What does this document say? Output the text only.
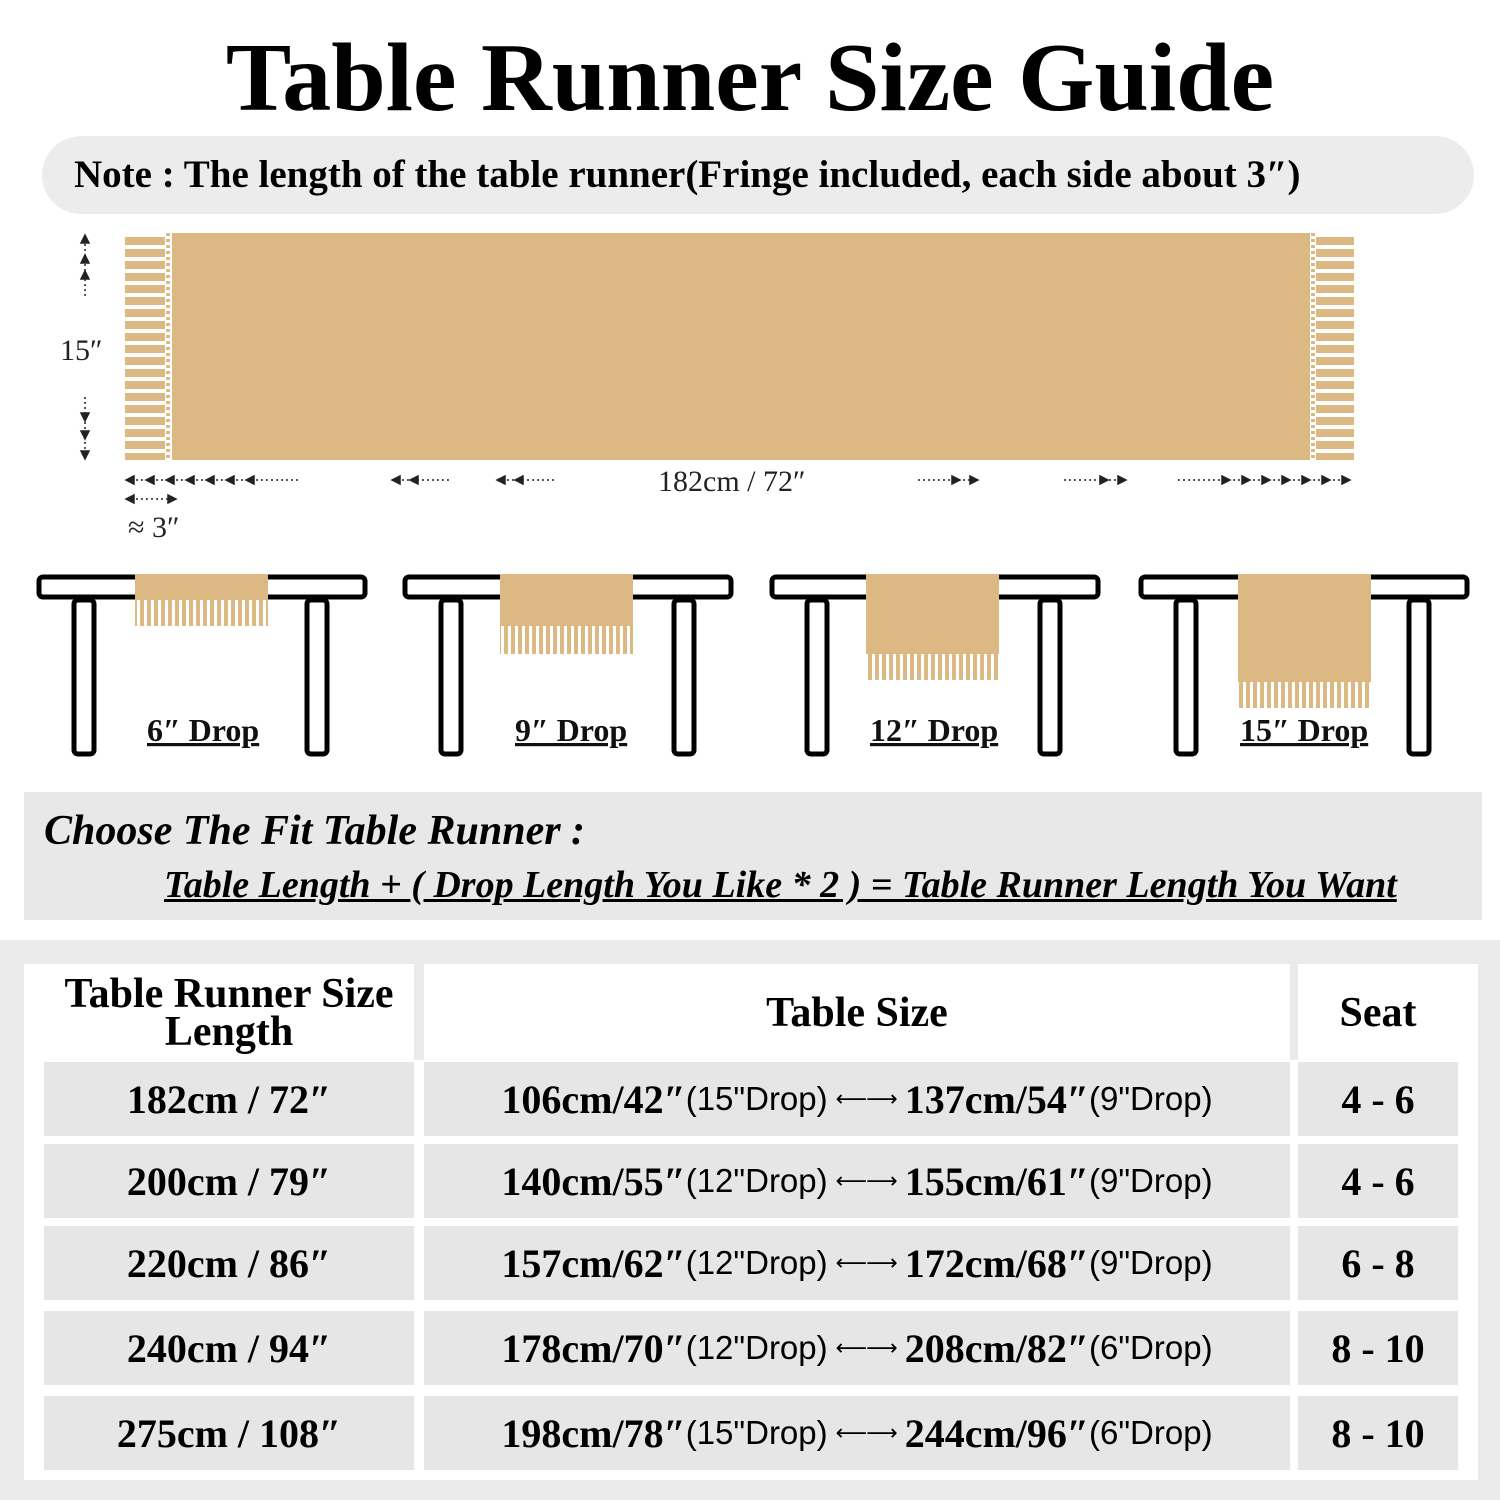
Table Runner Size Guide
Note : The length of the table runner(Fringe included, each side about 3″)
15″
182cm / 72″
≈ 3″
6″ Drop	9″ Drop	12″ Drop	15″ Drop
Choose The Fit Table Runner :
Table Length + ( Drop Length You Like * 2 ) = Table Runner Length You Want
Table Runner Size
Length	Table Size	Seat
182cm / 72″	106cm/42″ (15"Drop) ⟵⟶ 137cm/54″ (9"Drop)	4 - 6
200cm / 79″	140cm/55″ (12"Drop) ⟵⟶ 155cm/61″ (9"Drop)	4 - 6
220cm / 86″	157cm/62″ (12"Drop) ⟵⟶ 172cm/68″ (9"Drop)	6 - 8
240cm / 94″	178cm/70″ (12"Drop) ⟵⟶ 208cm/82″ (6"Drop)	8 - 10
275cm / 108″	198cm/78″ (15"Drop) ⟵⟶ 244cm/96″ (6"Drop)	8 - 10
